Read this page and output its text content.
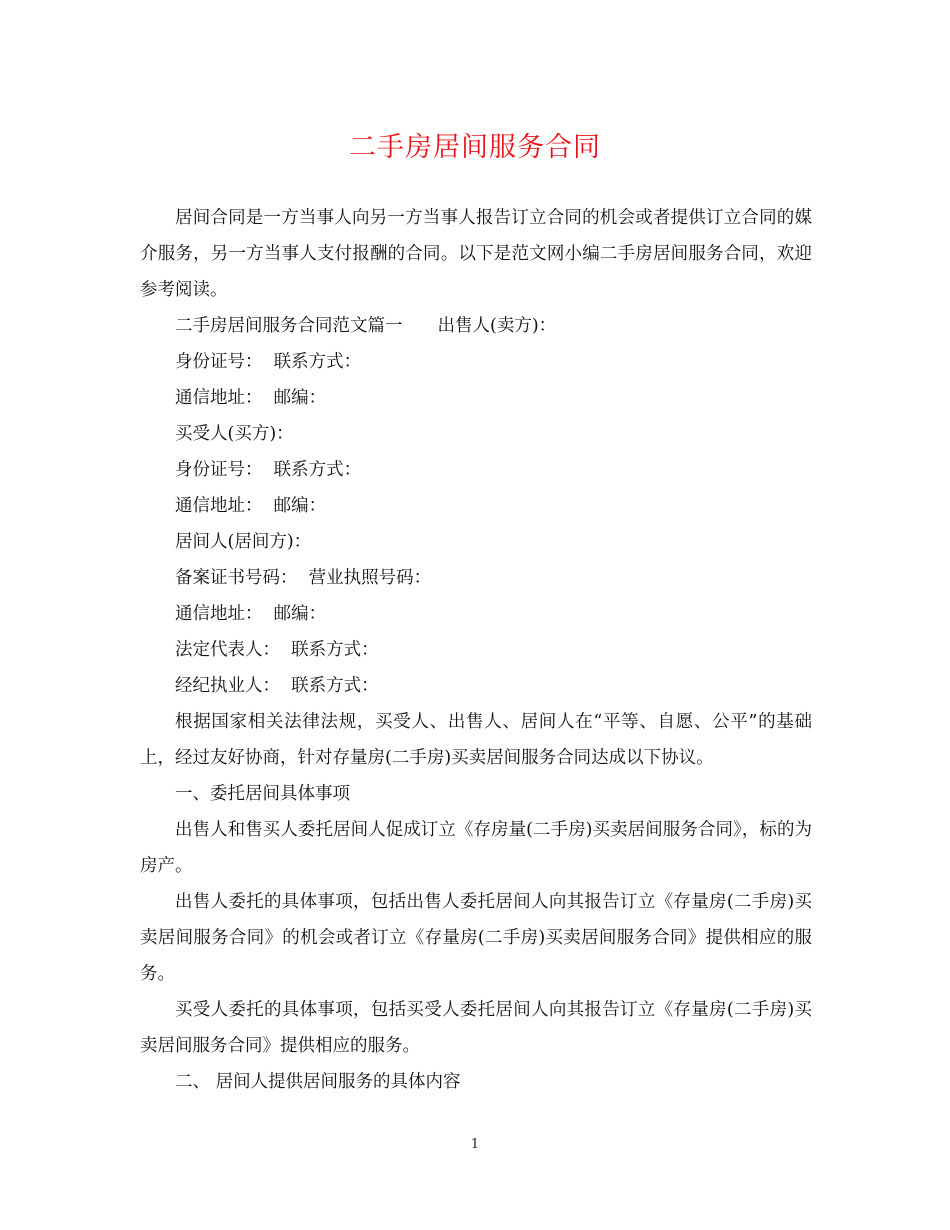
二手房居间服务合同

居间合同是一方当事人向另一方当事人报告订立合同的机会或者提供订立合同的媒介服务，另一方当事人支付报酬的合同。以下是范文网小编二手房居间服务合同，欢迎参考阅读。

二手房居间服务合同范文篇一　　出售人(卖方)：

身份证号：  联系方式：

通信地址：  邮编：

买受人(买方)：

身份证号：  联系方式：

通信地址：  邮编：

居间人(居间方)：

备案证书号码：  营业执照号码：

通信地址：  邮编：

法定代表人：  联系方式：

经纪执业人：  联系方式：

根据国家相关法律法规，买受人、出售人、居间人在“平等、自愿、公平”的基础上，经过友好协商，针对存量房(二手房)买卖居间服务合同达成以下协议。

一、委托居间具体事项

出售人和售买人委托居间人促成订立《存房量(二手房)买卖居间服务合同》，标的为 房产。

出售人委托的具体事项，包括出售人委托居间人向其报告订立《存量房(二手房)买卖居间服务合同》的机会或者订立《存量房(二手房)买卖居间服务合同》提供相应的服务。

买受人委托的具体事项，包括买受人委托居间人向其报告订立《存量房(二手房)买卖居间服务合同》提供相应的服务。

二、 居间人提供居间服务的具体内容

1
